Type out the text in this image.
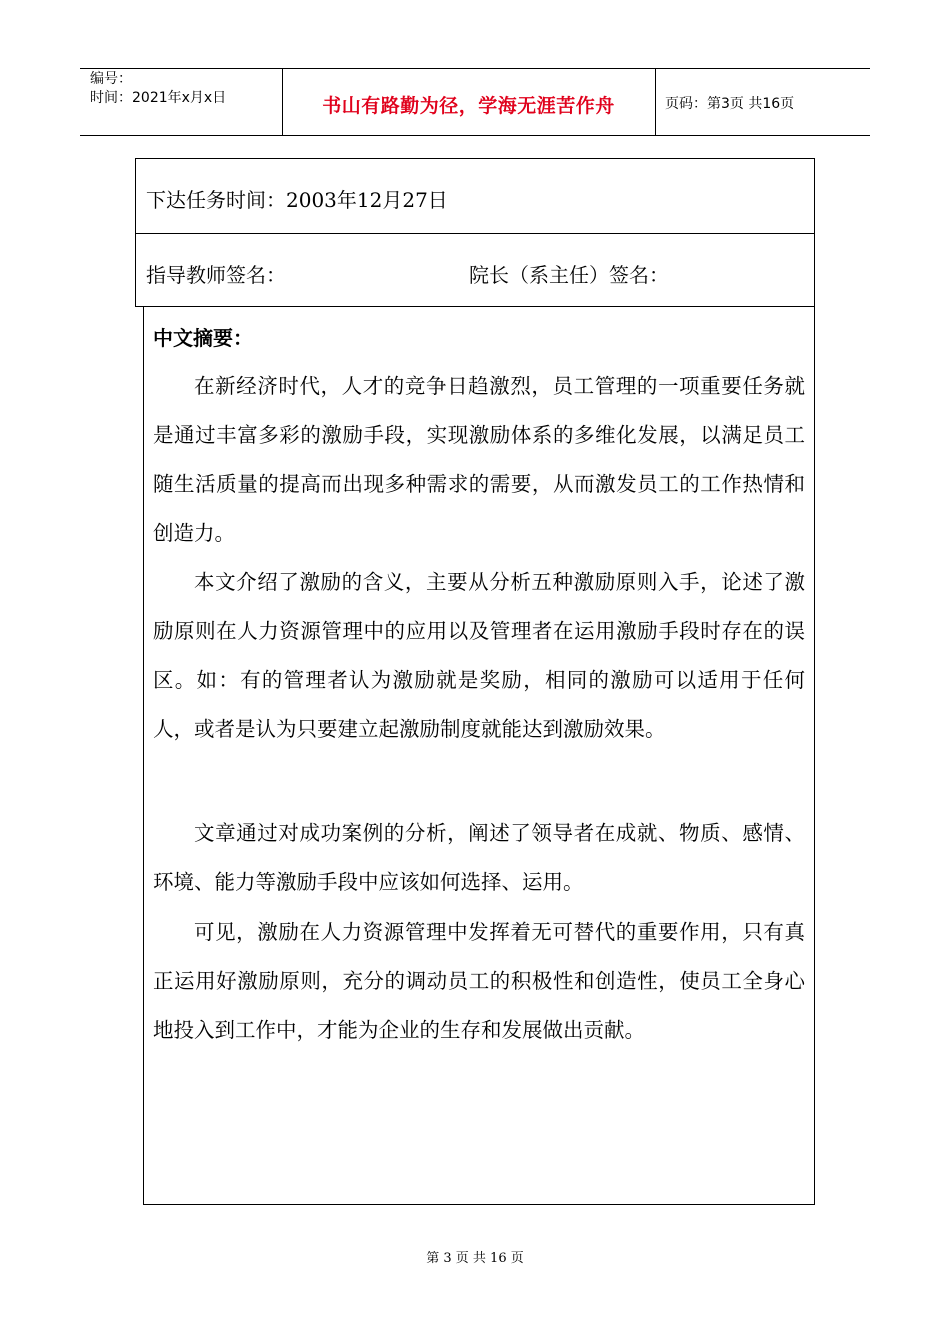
编号：
时间：2021年x月x日	书山有路勤为径，学海无涯苦作舟	页码：第3页 共16页
下达任务时间：2003年12月27日
指导教师签名：	院长（系主任）签名：
中文摘要：

在新经济时代，人才的竞争日趋激烈，员工管理的一项重要任务就是通过丰富多彩的激励手段，实现激励体系的多维化发展，以满足员工随生活质量的提高而出现多种需求的需要，从而激发员工的工作热情和创造力。

本文介绍了激励的含义，主要从分析五种激励原则入手，论述了激励原则在人力资源管理中的应用以及管理者在运用激励手段时存在的误区。如：有的管理者认为激励就是奖励，相同的激励可以适用于任何人，或者是认为只要建立起激励制度就能达到激励效果。

文章通过对成功案例的分析，阐述了领导者在成就、物质、感情、环境、能力等激励手段中应该如何选择、运用。

可见，激励在人力资源管理中发挥着无可替代的重要作用，只有真正运用好激励原则，充分的调动员工的积极性和创造性，使员工全身心地投入到工作中，才能为企业的生存和发展做出贡献。

第 3 页 共 16 页
